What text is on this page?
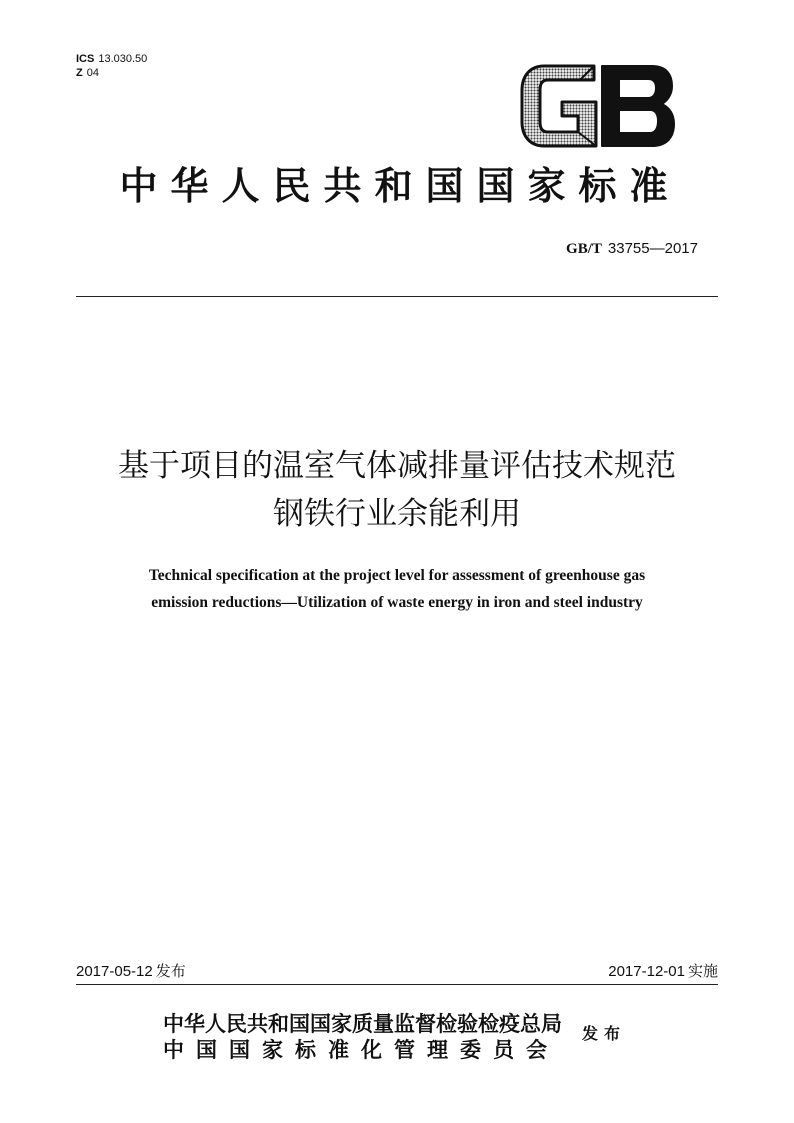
ICS 13.030.50
Z 04
中华人民共和国国家标准
GB/T 33755—2017
基于项目的温室气体减排量评估技术规范
钢铁行业余能利用
Technical specification at the project level for assessment of greenhouse gas
emission reductions—Utilization of waste energy in iron and steel industry
2017-05-12 发布	2017-12-01 实施
中华人民共和国国家质量监督检验检疫总局
中国国家标准化管理委员会
发布
